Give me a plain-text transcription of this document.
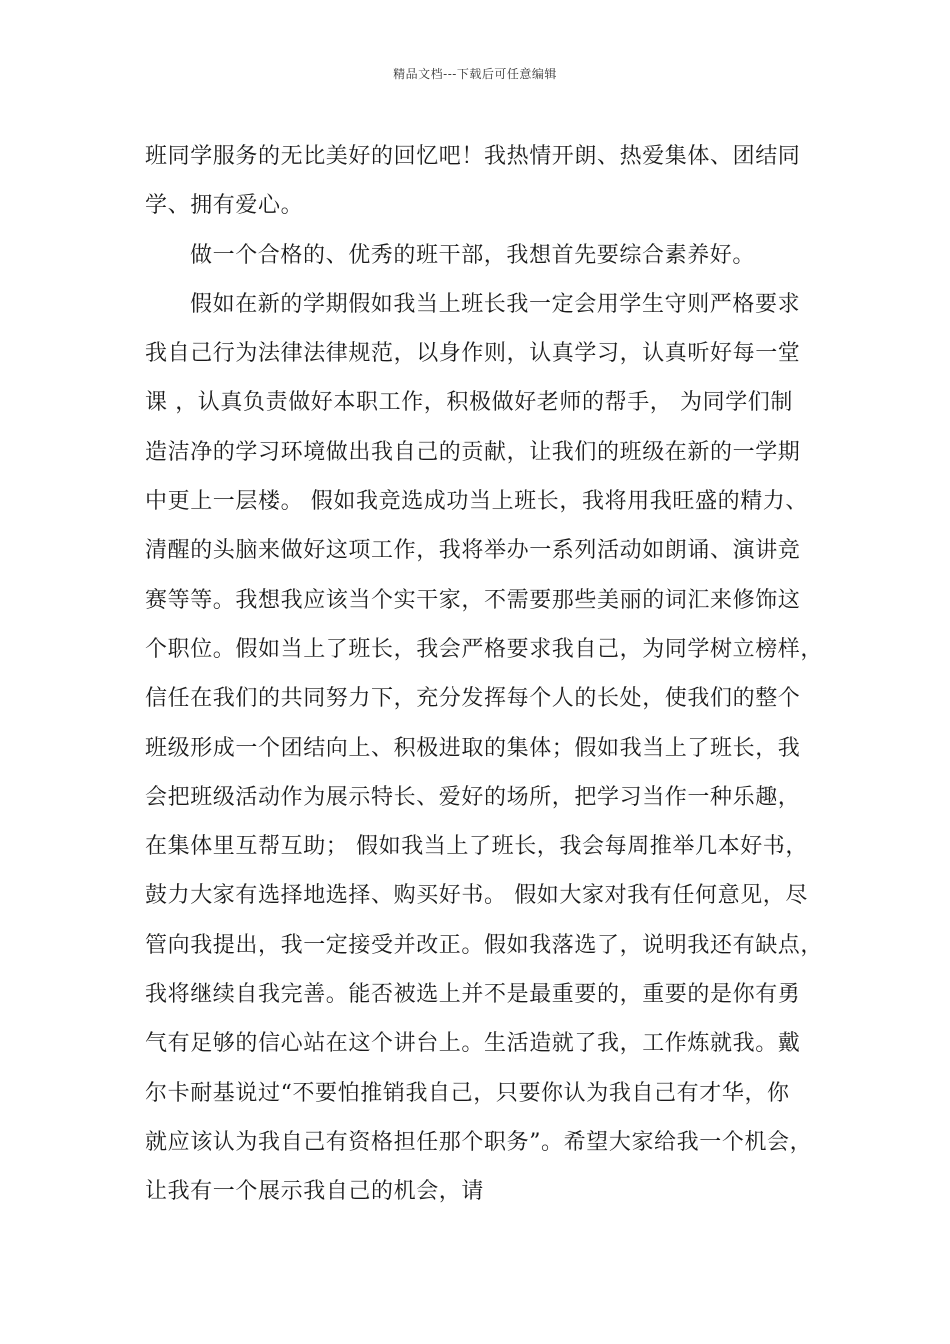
精品文档---下载后可任意编辑
班同学服务的无比美好的回忆吧！我热情开朗、热爱集体、团结同
学、拥有爱心。
做一个合格的、优秀的班干部，我想首先要综合素养好。
假如在新的学期假如我当上班长我一定会用学生守则严格要求
我自己行为法律法律规范，以身作则，认真学习，认真听好每一堂
课 ，认真负责做好本职工作，积极做好老师的帮手， 为同学们制
造洁净的学习环境做出我自己的贡献，让我们的班级在新的一学期
中更上一层楼。 假如我竞选成功当上班长，我将用我旺盛的精力、
清醒的头脑来做好这项工作，我将举办一系列活动如朗诵、演讲竞
赛等等。我想我应该当个实干家，不需要那些美丽的词汇来修饰这
个职位。假如当上了班长，我会严格要求我自己，为同学树立榜样，
信任在我们的共同努力下，充分发挥每个人的长处，使我们的整个
班级形成一个团结向上、积极进取的集体；假如我当上了班长，我
会把班级活动作为展示特长、爱好的场所，把学习当作一种乐趣，
在集体里互帮互助； 假如我当上了班长，我会每周推举几本好书，
鼓力大家有选择地选择、购买好书。 假如大家对我有任何意见，尽
管向我提出，我一定接受并改正。假如我落选了，说明我还有缺点，
我将继续自我完善。能否被选上并不是最重要的，重要的是你有勇
气有足够的信心站在这个讲台上。生活造就了我，工作炼就我。戴
尔卡耐基说过“不要怕推销我自己，只要你认为我自己有才华，你
就应该认为我自己有资格担任那个职务”。希望大家给我一个机会，
让我有一个展示我自己的机会，请
